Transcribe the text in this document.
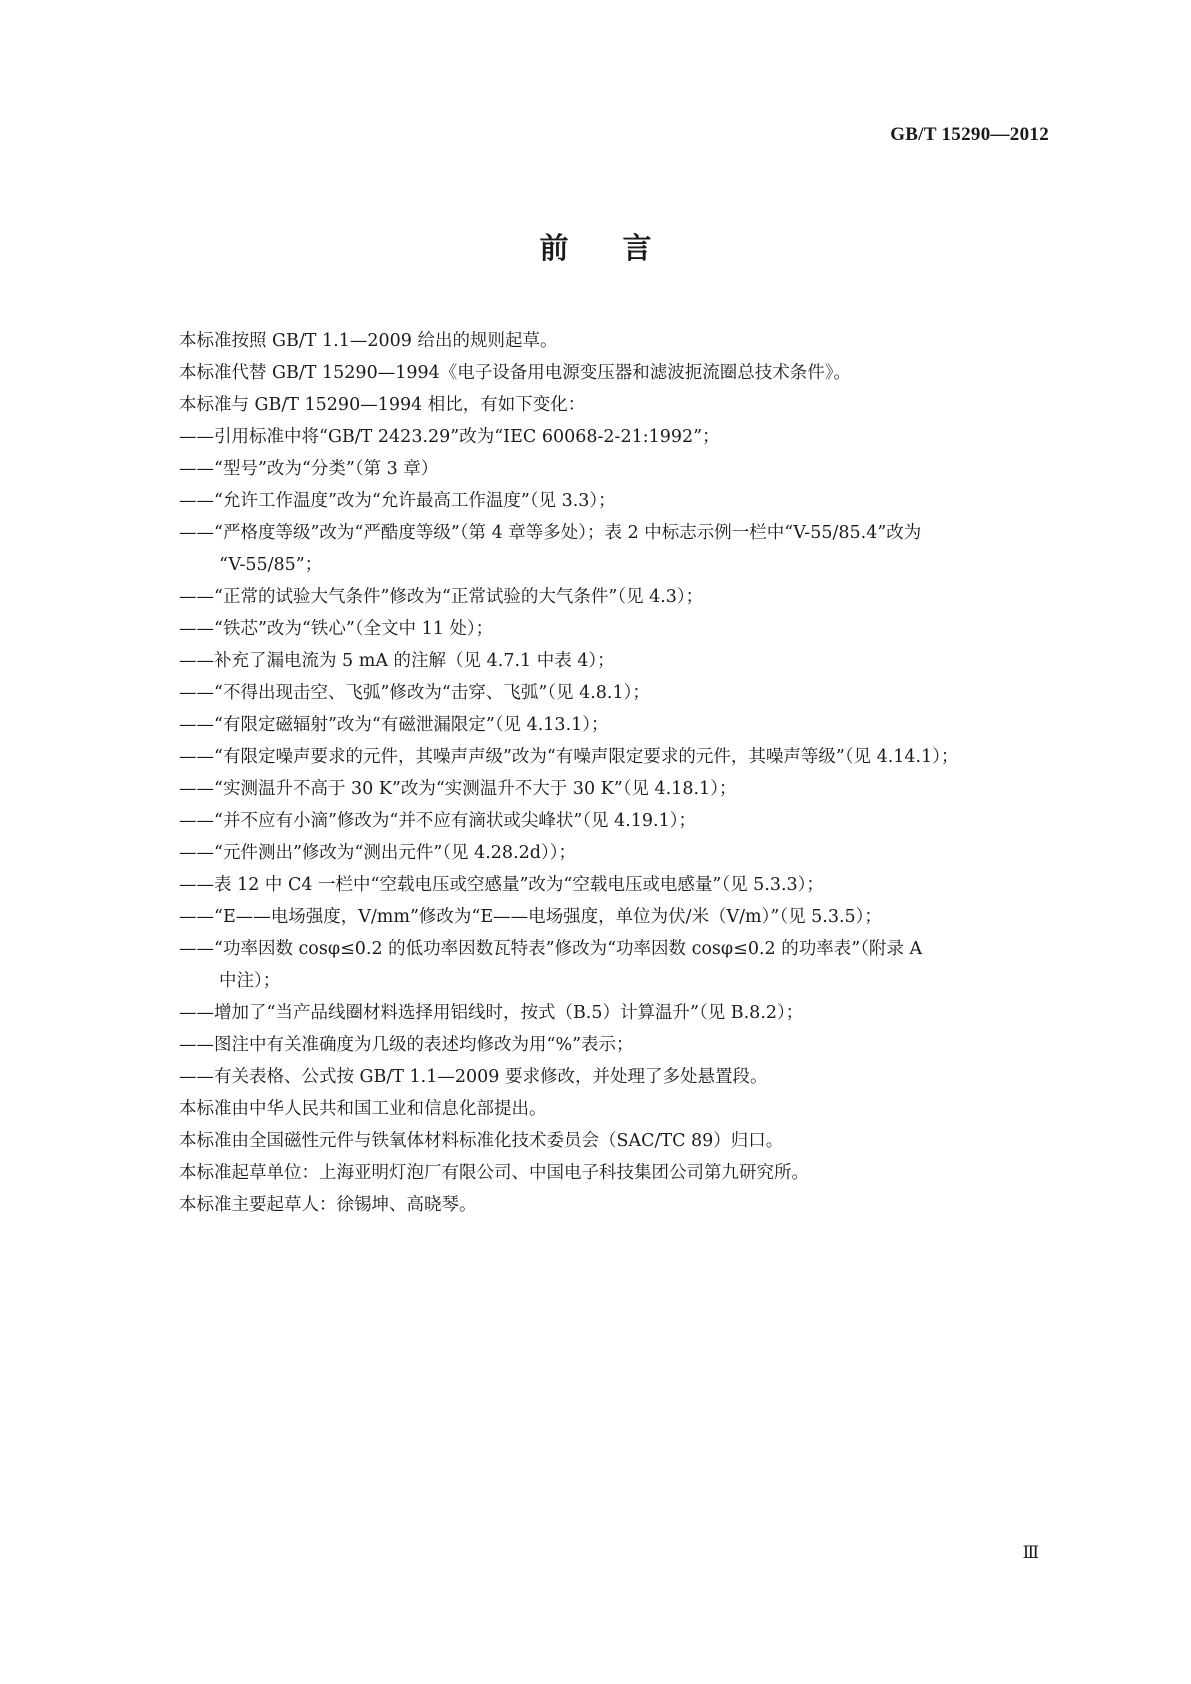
GB/T 15290—2012
前言
本标准按照 GB/T 1.1—2009 给出的规则起草。
本标准代替 GB/T 15290—1994《电子设备用电源变压器和滤波扼流圈总技术条件》。
本标准与 GB/T 15290—1994 相比，有如下变化：
——引用标准中将“GB/T 2423.29”改为“IEC 60068-2-21:1992”；
——“型号”改为“分类”（第 3 章）
——“允许工作温度”改为“允许最高工作温度”（见 3.3）；
——“严格度等级”改为“严酷度等级”（第 4 章等多处）；表 2 中标志示例一栏中“V-55/85.4”改为
“V-55/85”；
——“正常的试验大气条件”修改为“正常试验的大气条件”（见 4.3）；
——“铁芯”改为“铁心”（全文中 11 处）；
——补充了漏电流为 5 mA 的注解（见 4.7.1 中表 4）；
——“不得出现击空、飞弧”修改为“击穿、飞弧”（见 4.8.1）；
——“有限定磁辐射”改为“有磁泄漏限定”（见 4.13.1）；
——“有限定噪声要求的元件，其噪声声级”改为“有噪声限定要求的元件，其噪声等级”（见 4.14.1）；
——“实测温升不高于 30 K”改为“实测温升不大于 30 K”（见 4.18.1）；
——“并不应有小滴”修改为“并不应有滴状或尖峰状”（见 4.19.1）；
——“元件测出”修改为“测出元件”（见 4.28.2d））；
——表 12 中 C4 一栏中“空载电压或空感量”改为“空载电压或电感量”（见 5.3.3）；
——“E——电场强度，V/mm”修改为“E——电场强度，单位为伏/米（V/m）”（见 5.3.5）；
——“功率因数 cosφ≤0.2 的低功率因数瓦特表”修改为“功率因数 cosφ≤0.2 的功率表”（附录 A
中注）；
——增加了“当产品线圈材料选择用铝线时，按式（B.5）计算温升”（见 B.8.2）；
——图注中有关准确度为几级的表述均修改为用“%”表示；
——有关表格、公式按 GB/T 1.1—2009 要求修改，并处理了多处悬置段。
本标准由中华人民共和国工业和信息化部提出。
本标准由全国磁性元件与铁氧体材料标准化技术委员会（SAC/TC 89）归口。
本标准起草单位：上海亚明灯泡厂有限公司、中国电子科技集团公司第九研究所。
本标准主要起草人：徐锡坤、高晓琴。
Ⅲ
